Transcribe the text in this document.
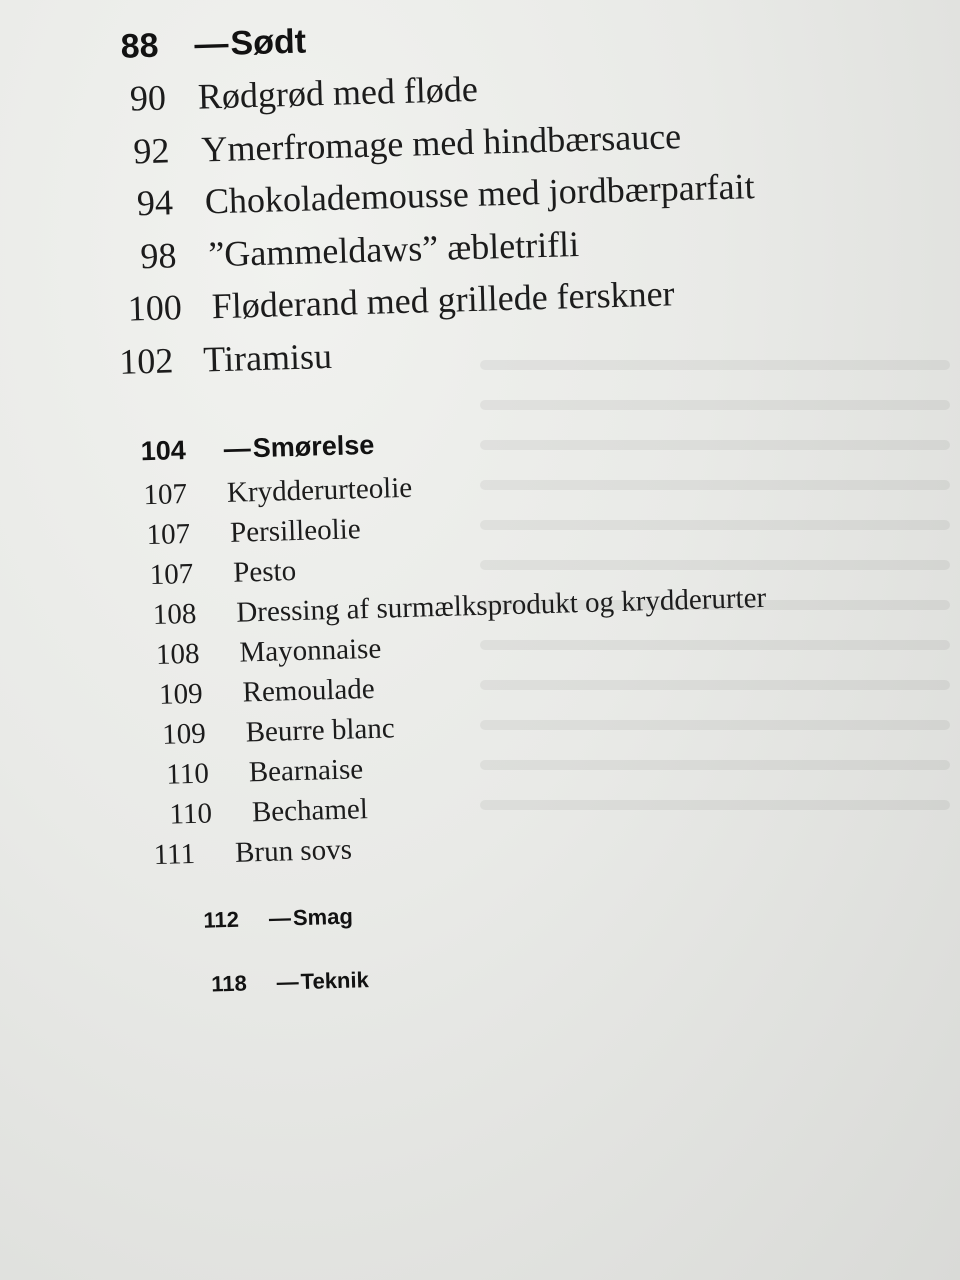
88	— Sødt
90 Rødgrød med fløde
92 Ymerfromage med hindbærsauce
94 Chokolademousse med jordbærparfait
98 ”Gammeldaws” æbletrifli
100 Fløderand med grillede ferskner
102 Tiramisu
104	— Smørelse
107 Krydderurteolie
107 Persilleolie
107 Pesto
108 Dressing af surmælksprodukt og krydderurter
108 Mayonnaise
109 Remoulade
109 Beurre blanc
110 Bearnaise
110 Bechamel
111 Brun sovs
112	— Smag
118	— Teknik
